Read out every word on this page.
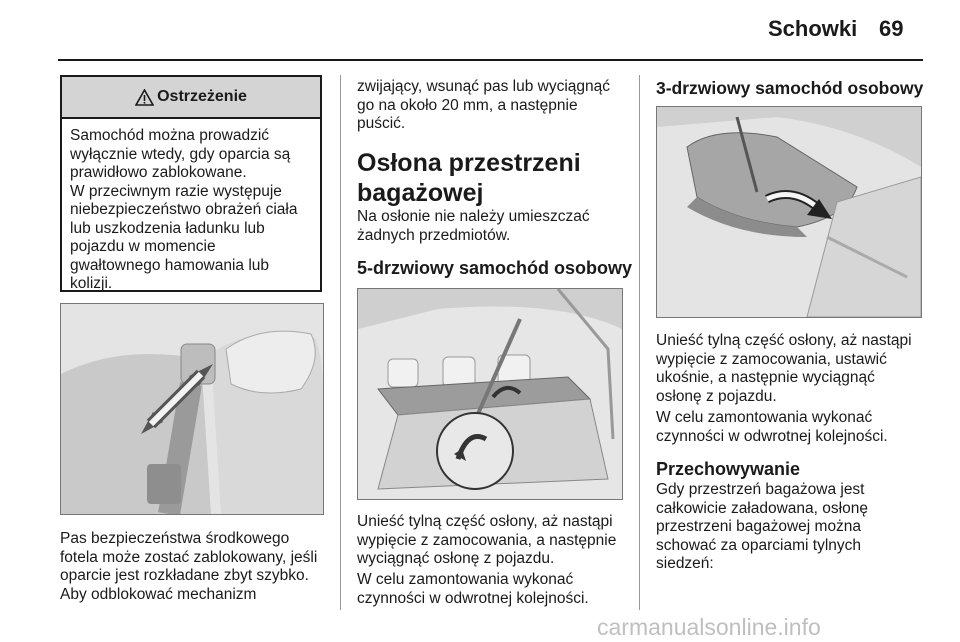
Schowki 69
Ostrzeżenie
Samochód można prowadzić
wyłącznie wtedy, gdy oparcia są
prawidłowo zablokowane.
W przeciwnym razie występuje
niebezpieczeństwo obrażeń ciała
lub uszkodzenia ładunku lub
pojazdu w momencie
gwałtownego hamowania lub
kolizji.
Pas bezpieczeństwa środkowego
fotela może zostać zablokowany, jeśli
oparcie jest rozkładane zbyt szybko.
Aby odblokować mechanizm
zwijający, wsunąć pas lub wyciągnąć
go na około 20 mm, a następnie
puścić.
Osłona przestrzeni
bagażowej
Na osłonie nie należy umieszczać
żadnych przedmiotów.
5-drzwiowy samochód osobowy
Unieść tylną część osłony, aż nastąpi
wypięcie z zamocowania, a następnie
wyciągnąć osłonę z pojazdu.
W celu zamontowania wykonać
czynności w odwrotnej kolejności.
3-drzwiowy samochód osobowy
Unieść tylną część osłony, aż nastąpi
wypięcie z zamocowania, ustawić
ukośnie, a następnie wyciągnąć
osłonę z pojazdu.
W celu zamontowania wykonać
czynności w odwrotnej kolejności.
Przechowywanie
Gdy przestrzeń bagażowa jest
całkowicie załadowana, osłonę
przestrzeni bagażowej można
schować za oparciami tylnych
siedzeń:
carmanualsonline.info
